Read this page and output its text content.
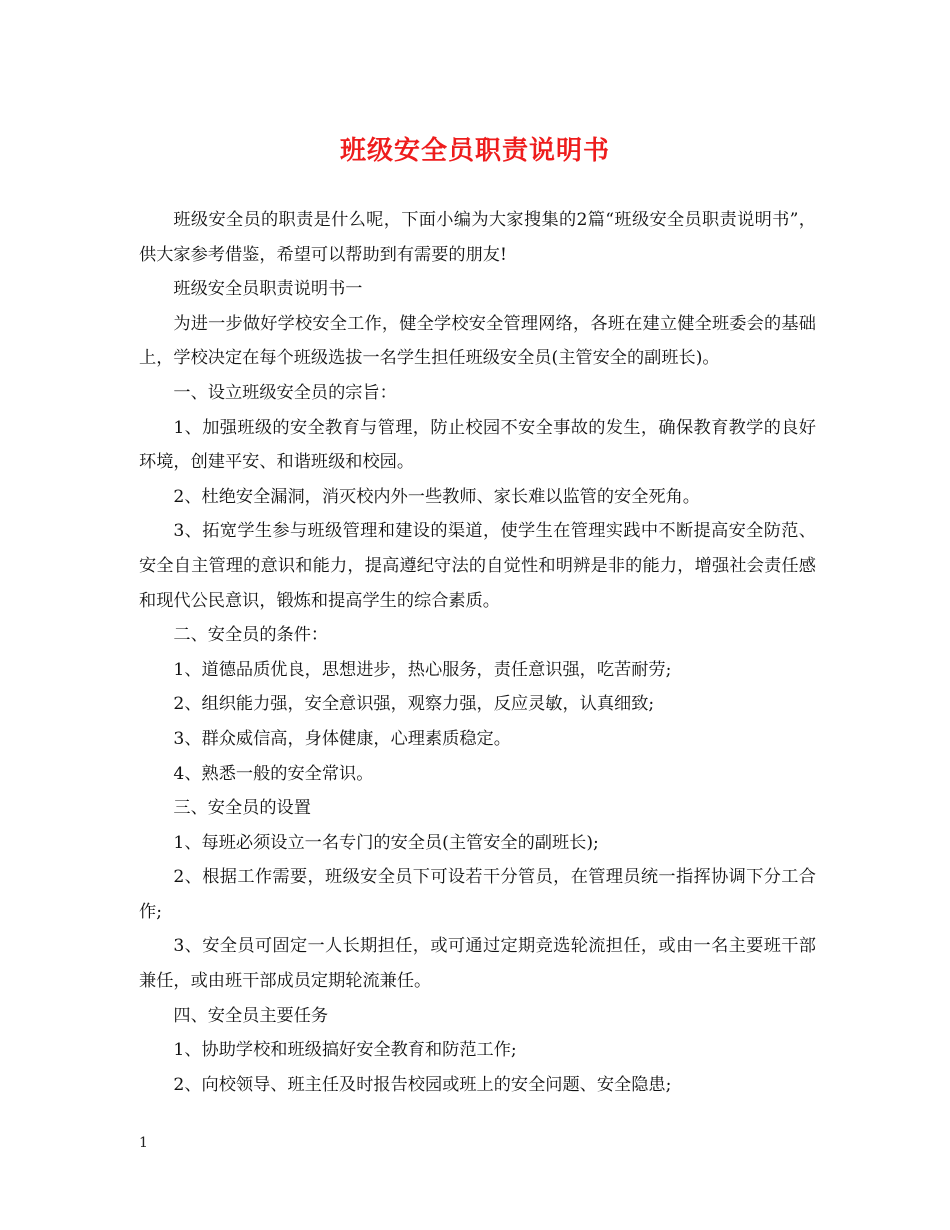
班级安全员职责说明书

班级安全员的职责是什么呢，下面小编为大家搜集的2篇“班级安全员职责说明书”，供大家参考借鉴，希望可以帮助到有需要的朋友!

班级安全员职责说明书一

为进一步做好学校安全工作，健全学校安全管理网络，各班在建立健全班委会的基础上，学校决定在每个班级选拔一名学生担任班级安全员(主管安全的副班长)。

一、设立班级安全员的宗旨：

1、加强班级的安全教育与管理，防止校园不安全事故的发生，确保教育教学的良好环境，创建平安、和谐班级和校园。

2、杜绝安全漏洞，消灭校内外一些教师、家长难以监管的安全死角。

3、拓宽学生参与班级管理和建设的渠道，使学生在管理实践中不断提高安全防范、安全自主管理的意识和能力，提高遵纪守法的自觉性和明辨是非的能力，增强社会责任感和现代公民意识，锻炼和提高学生的综合素质。

二、安全员的条件：

1、道德品质优良，思想进步，热心服务，责任意识强，吃苦耐劳;

2、组织能力强，安全意识强，观察力强，反应灵敏，认真细致;

3、群众威信高，身体健康，心理素质稳定。

4、熟悉一般的安全常识。

三、安全员的设置

1、每班必须设立一名专门的安全员(主管安全的副班长);

2、根据工作需要，班级安全员下可设若干分管员，在管理员统一指挥协调下分工合作;

3、安全员可固定一人长期担任，或可通过定期竞选轮流担任，或由一名主要班干部兼任，或由班干部成员定期轮流兼任。

四、安全员主要任务

1、协助学校和班级搞好安全教育和防范工作;

2、向校领导、班主任及时报告校园或班上的安全问题、安全隐患;

1
